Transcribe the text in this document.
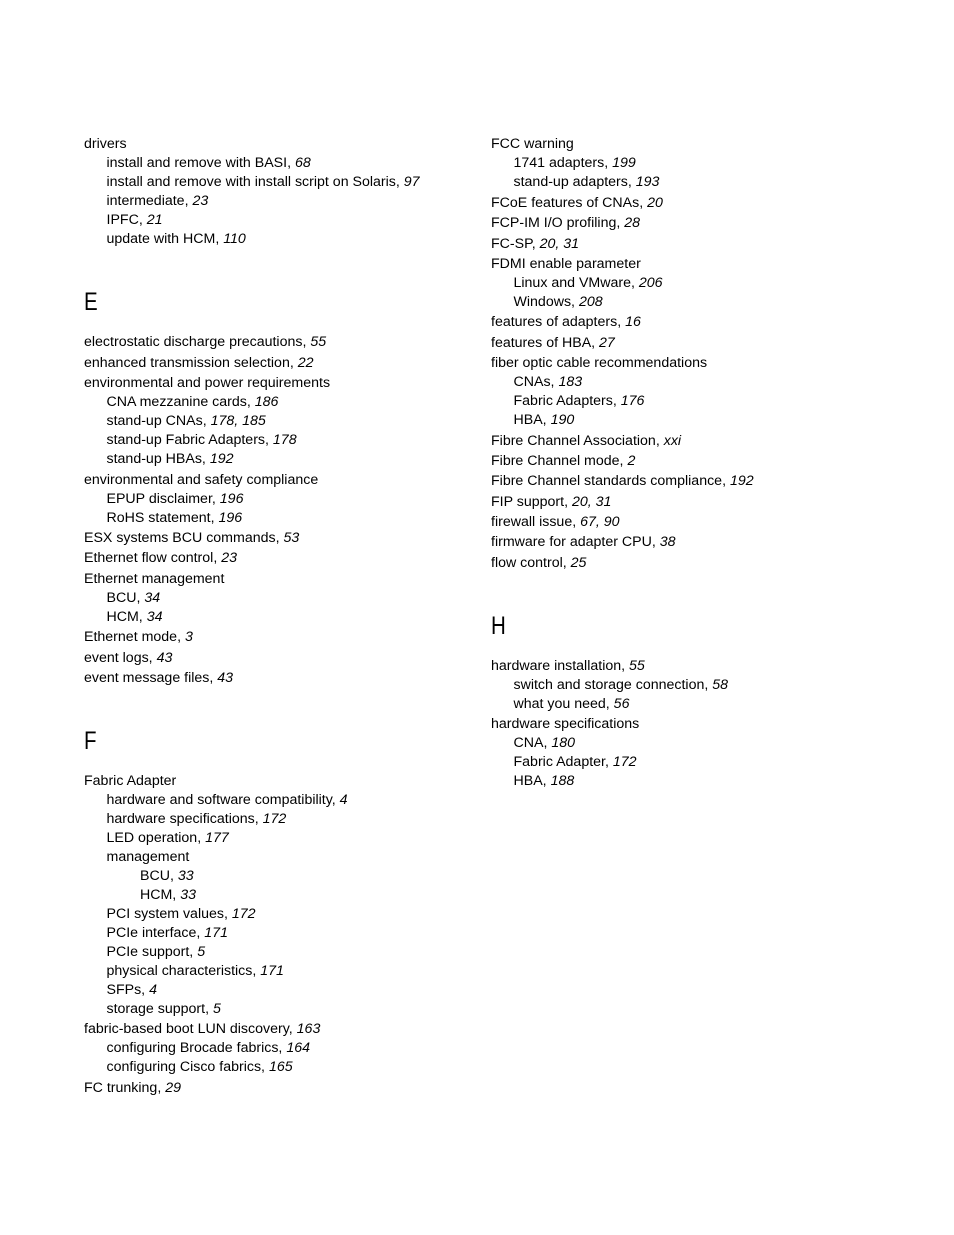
drivers
install and remove with BASI, 68
install and remove with install script on Solaris, 97
intermediate, 23
IPFC, 21
update with HCM, 110
E
electrostatic discharge precautions, 55
enhanced transmission selection, 22
environmental and power requirements
CNA mezzanine cards, 186
stand-up CNAs, 178, 185
stand-up Fabric Adapters, 178
stand-up HBAs, 192
environmental and safety compliance
EPUP disclaimer, 196
RoHS statement, 196
ESX systems BCU commands, 53
Ethernet flow control, 23
Ethernet management
BCU, 34
HCM, 34
Ethernet mode, 3
event logs, 43
event message files, 43
F
Fabric Adapter
hardware and software compatibility, 4
hardware specifications, 172
LED operation, 177
management
BCU, 33
HCM, 33
PCI system values, 172
PCIe interface, 171
PCIe support, 5
physical characteristics, 171
SFPs, 4
storage support, 5
fabric-based boot LUN discovery, 163
configuring Brocade fabrics, 164
configuring Cisco fabrics, 165
FC trunking, 29
FCC warning
1741 adapters, 199
stand-up adapters, 193
FCoE features of CNAs, 20
FCP-IM I/O profiling, 28
FC-SP, 20, 31
FDMI enable parameter
Linux and VMware, 206
Windows, 208
features of adapters, 16
features of HBA, 27
fiber optic cable recommendations
CNAs, 183
Fabric Adapters, 176
HBA, 190
Fibre Channel Association, xxi
Fibre Channel mode, 2
Fibre Channel standards compliance, 192
FIP support, 20, 31
firewall issue, 67, 90
firmware for adapter CPU, 38
flow control, 25
H
hardware installation, 55
switch and storage connection, 58
what you need, 56
hardware specifications
CNA, 180
Fabric Adapter, 172
HBA, 188
